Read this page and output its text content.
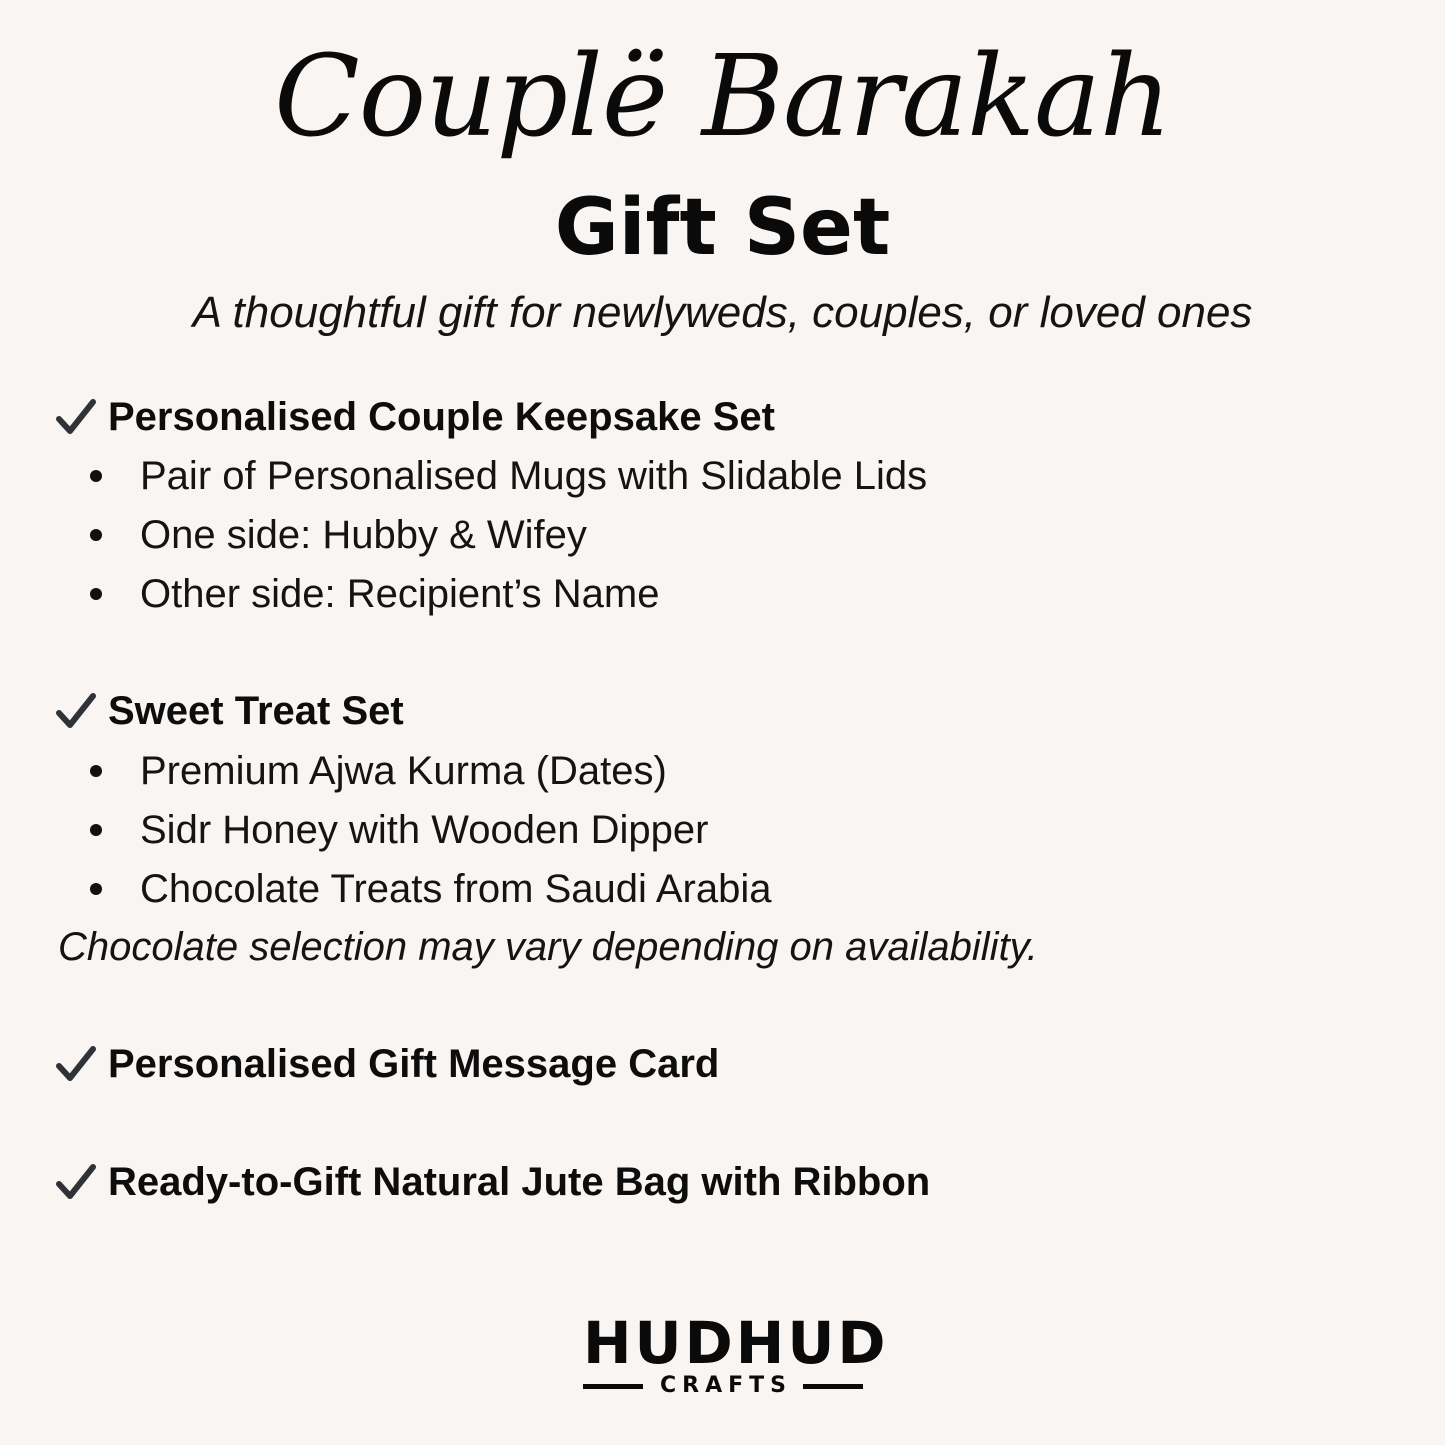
Couplë Barakah
Gift Set
A thoughtful gift for newlyweds, couples, or loved ones
Personalised Couple Keepsake Set
Pair of Personalised Mugs with Slidable Lids
One side: Hubby & Wifey
Other side: Recipient’s Name
Sweet Treat Set
Premium Ajwa Kurma (Dates)
Sidr Honey with Wooden Dipper
Chocolate Treats from Saudi Arabia
Chocolate selection may vary depending on availability.
Personalised Gift Message Card
Ready-to-Gift Natural Jute Bag with Ribbon
HUDHUD
CRAFTS
